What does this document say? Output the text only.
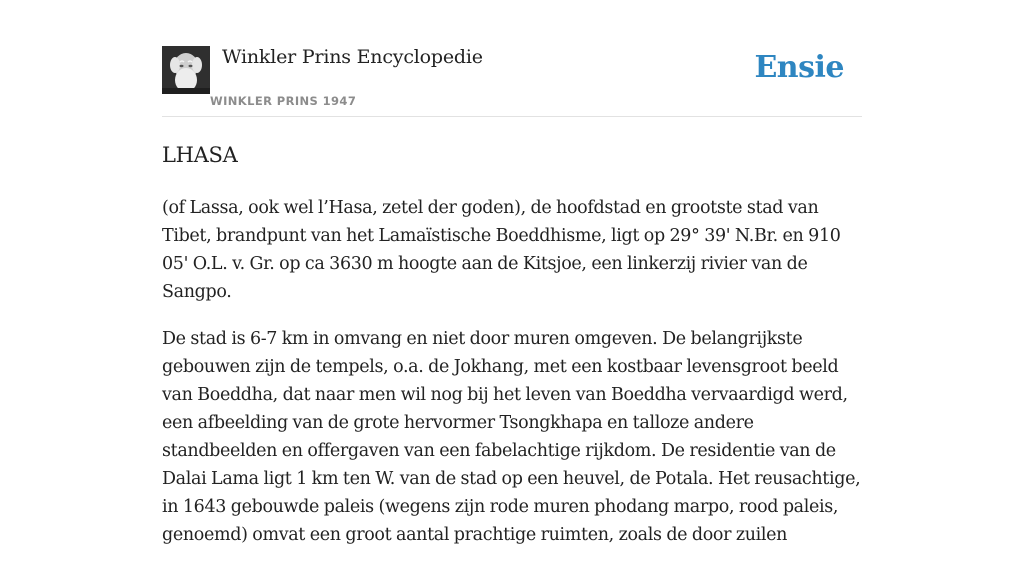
Winkler Prins Encyclopedie
WINKLER PRINS 1947
Ensie
LHASA

(of Lassa, ook wel l’Hasa, zetel der goden), de hoofdstad en grootste stad van Tibet, brandpunt van het Lamaïstische Boeddhisme, ligt op 29° 39' N.Br. en 910 05' O.L. v. Gr. op ca 3630 m hoogte aan de Kitsjoe, een linkerzij rivier van de Sangpo.

De stad is 6-7 km in omvang en niet door muren omgeven. De belangrijkste gebouwen zijn de tempels, o.a. de Jokhang, met een kostbaar levensgroot beeld van Boeddha, dat naar men wil nog bij het leven van Boeddha vervaardigd werd, een afbeelding van de grote hervormer Tsongkhapa en talloze andere standbeelden en offergaven van een fabelachtige rijkdom. De residentie van de Dalai Lama ligt 1 km ten W. van de stad op een heuvel, de Potala. Het reusachtige, in 1643 gebouwde paleis (wegens zijn rode muren phodang marpo, rood paleis, genoemd) omvat een groot aantal prachtige ruimten, zoals de door zuilen
